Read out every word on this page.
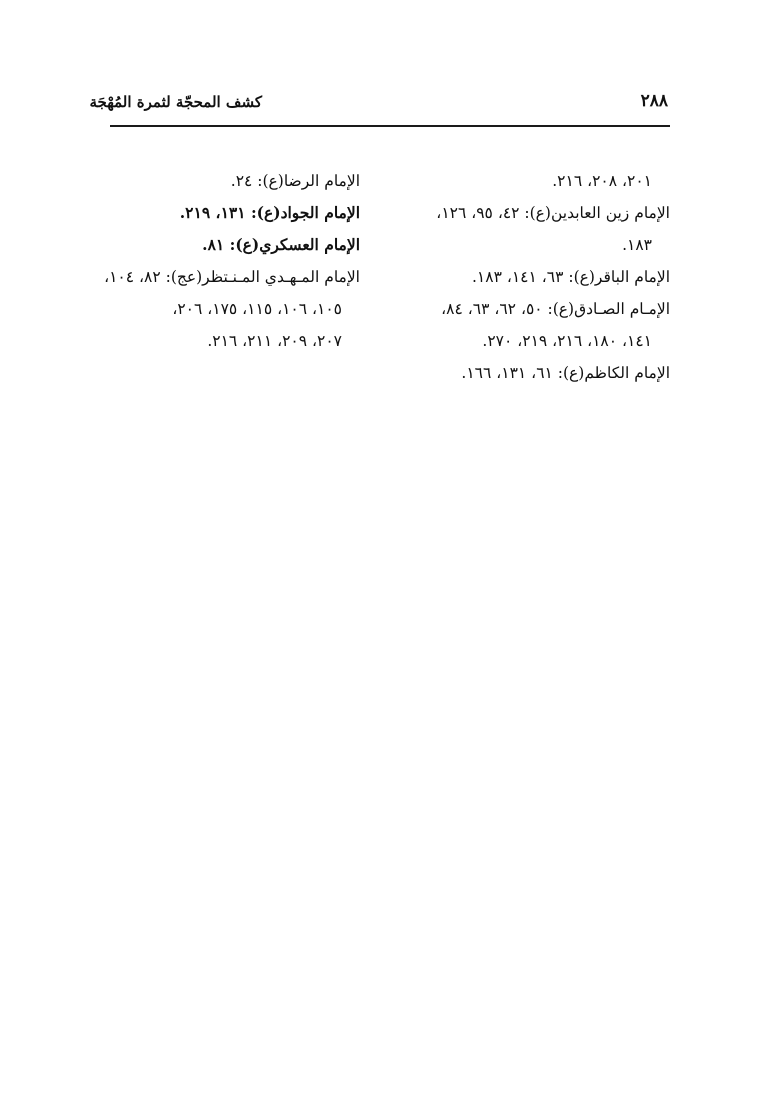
كشف المحجّة لثمرة المُهْجَة	٢٨٨
٢٠١، ٢٠٨، ٢١٦.
الإمام زين العابدين(ع): ٤٢، ٩٥، ١٢٦،
١٨٣.
الإمام الباقر(ع): ٦٣، ١٤١، ١٨٣.
الإمـام الصـادق(ع): ٥٠، ٦٢، ٦٣، ٨٤،
١٤١، ١٨٠، ٢١٦، ٢١٩، ٢٧٠.
الإمام الكاظم(ع): ٦١، ١٣١، ١٦٦.
الإمام الرضا(ع): ٢٤.
الإمام الجواد(ع): ١٣١، ٢١٩.
الإمام العسكري(ع): ٨١.
الإمام المـهـدي المـنـتظر(عج): ٨٢، ١٠٤،
١٠٥، ١٠٦، ١١٥، ١٧٥، ٢٠٦،
٢٠٧، ٢٠٩، ٢١١، ٢١٦.
